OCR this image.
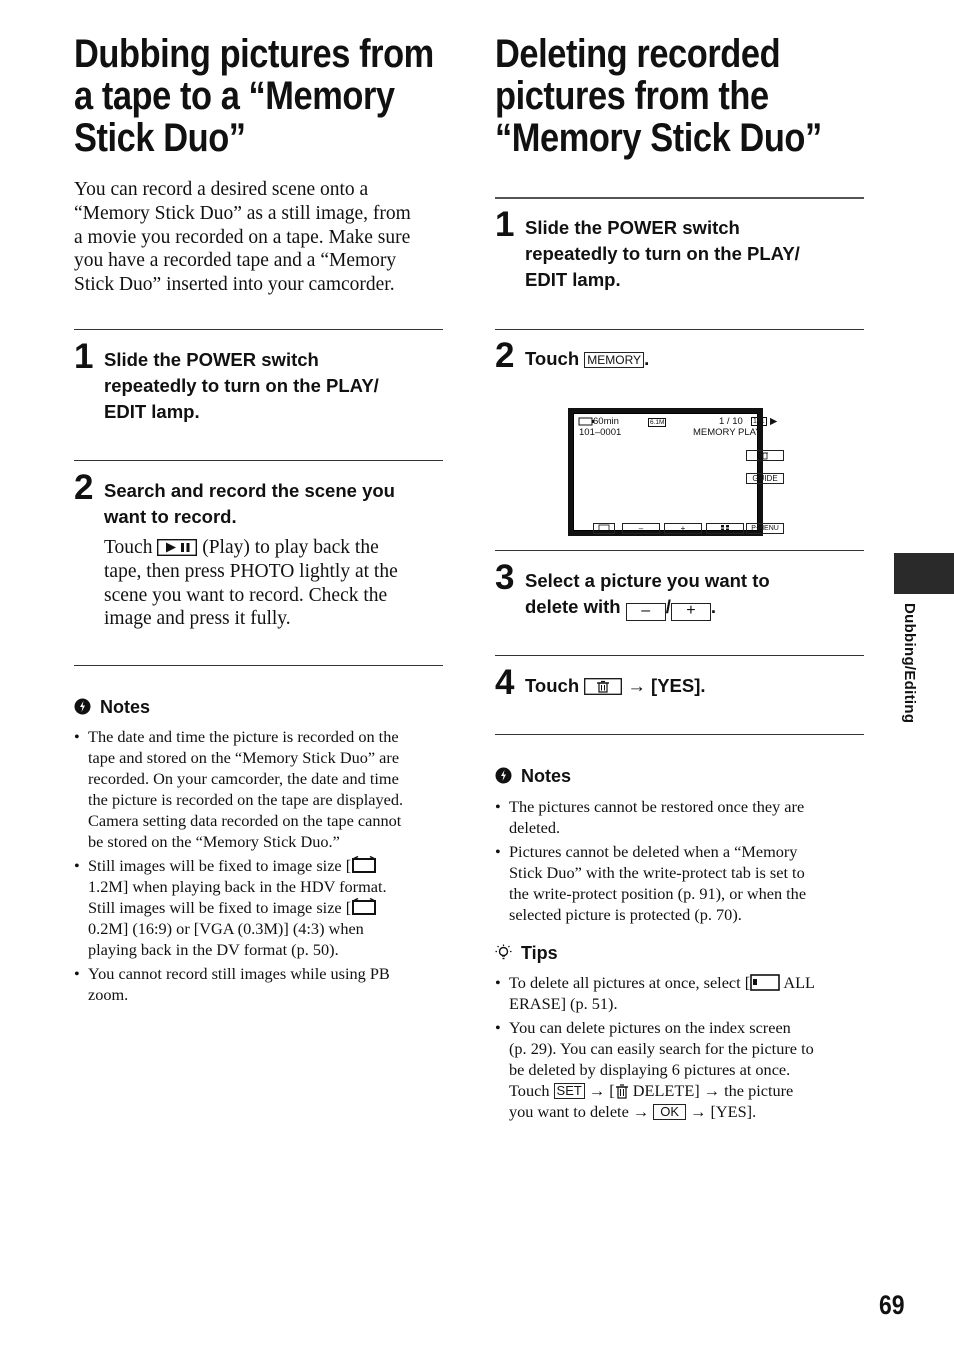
Dubbing pictures from
a tape to a “Memory
Stick Duo”
You can record a desired scene onto a
“Memory Stick Duo” as a still image, from
a movie you recorded on a tape. Make sure
you have a recorded tape and a “Memory
Stick Duo” inserted into your camcorder.
1 Slide the POWER switch
repeatedly to turn on the PLAY/
EDIT lamp.
2 Search and record the scene you
want to record.
Touch	(Play) to play back the
tape, then press PHOTO lightly at the
scene you want to record. Check the
image and press it fully.
Notes
• The date and time the picture is recorded on the
tape and stored on the “Memory Stick Duo” are
recorded. On your camcorder, the date and time
the picture is recorded on the tape are displayed.
Camera setting data recorded on the tape cannot
be stored on the “Memory Stick Duo.”
• Still images will be fixed to image size [
1.2M] when playing back in the HDV format.
Still images will be fixed to image size [
0.2M] (16:9) or [VGA (0.3M)] (4:3) when
playing back in the DV format (p. 50).
• You cannot record still images while using PB
zoom.
Deleting recorded
pictures from the
“Memory Stick Duo”
1 Slide the POWER switch
repeatedly to turn on the PLAY/
EDIT lamp.
2 Touch MEMORY .
60min	6.1M	1 / 10 101 ▶
101–0001	MEMORY PLAY
GUIDE
–	+	P-MENU
3 Select a picture you want to
delete with – / + .
4 Touch	→ [YES].
Notes
• The pictures cannot be restored once they are
deleted.
• Pictures cannot be deleted when a “Memory
Stick Duo” with the write-protect tab is set to
the write-protect position (p. 91), or when the
selected picture is protected (p. 70).
Tips
• To delete all pictures at once, select [ ALL
ERASE] (p. 51).
• You can delete pictures on the index screen
(p. 29). You can easily search for the picture to
be deleted by displaying 6 pictures at once.
Touch SET → [ DELETE] → the picture
you want to delete → OK → [YES].
Dubbing/Editing
69
